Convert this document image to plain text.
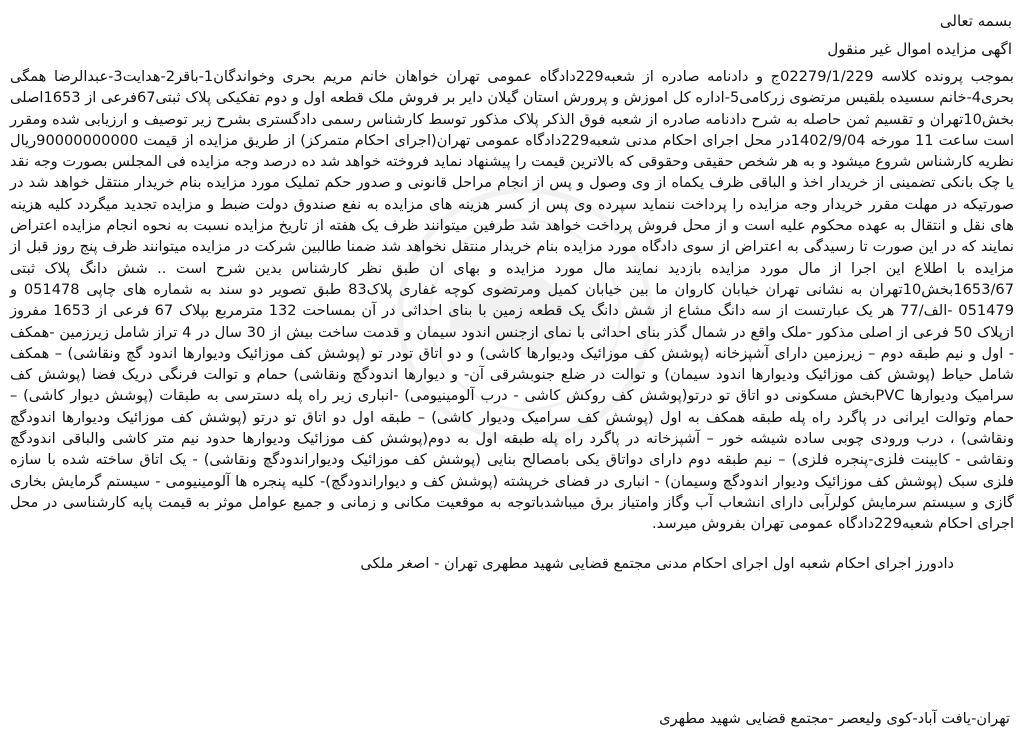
بسمه تعالی
اگهی مزایده اموال غیر منقول

بموجب پرونده کلاسه 02279/1/229ج و دادنامه صادره از شعبه229دادگاه عمومی تهران خواهان خانم مریم بحری وخواندگان1-باقر2-هدایت3-عبدالرضا همگی بحری4-خانم سسیده بلقیس مرتضوی زرکامی5-اداره کل اموزش و پرورش استان گیلان دایر بر فروش ملک قطعه اول و دوم تفکیکی پلاک ثبتی67فرعی از 1653اصلی بخش10تهران و تقسیم ثمن حاصله به شرح دادنامه صادره از شعبه فوق الذکر پلاک مذکور توسط کارشناس رسمی دادگستری بشرح زیر توصیف و ارزیابی شده ومقرر است ساعت 11 مورخه 1402/9/04در محل اجرای احکام مدنی شعبه229دادگاه عمومی تهران(اجرای احکام متمرکز) از طریق مزایده از قیمت 90000000000ریال نظریه کارشناس شروع میشود و به هر شخص حقیقی وحقوقی که بالاترین قیمت را پیشنهاد نماید فروخته خواهد شد ده درصد وجه مزایده فی المجلس بصورت وجه نقد یا چک بانکی تضمینی از خریدار اخذ و الباقی ظرف یکماه از وی وصول و پس از انجام مراحل قانونی و صدور حکم تملیک مورد مزایده بنام خریدار منتقل خواهد شد در صورتیکه در مهلت مقرر خریدار وجه مزایده را پرداخت ننماید سپرده وی پس از کسر هزینه های مزایده به نفع صندوق دولت ضبط و مزایده تجدید میگردد کلیه هزینه های نقل و انتقال به عهده محکوم علیه است و از محل فروش پرداخت خواهد شد طرفین میتوانند ظرف یک هفته از تاریخ مزایده نسبت به نحوه انجام مزایده اعتراض نمایند که در این صورت تا رسیدگی به اعتراض از سوی دادگاه مورد مزایده بنام خریدار منتقل نخواهد شد ضمنا طالبین شرکت در مزایده میتوانند ظرف پنج روز قبل از مزایده با اطلاع این اجرا از مال مورد مزایده بازدید نمایند مال مورد مزایده و بهای ان طبق نظر کارشناس بدین شرح است .. شش دانگ پلاک ثبتی 1653/67بخش10تهران به نشانی تهران خیابان کاروان ما بین خیابان کمیل ومرتضوی کوچه غفاری پلاک83 طبق تصویر دو سند به شماره های چاپی 051478 و 051479 -الف/77 هر یک عبارتست از سه دانگ مشاع از شش دانگ یک قطعه زمین با بنای احداثی در آن بمساحت 132 مترمربع بپلاک 67 فرعی از 1653 مفروز ازپلاک 50 فرعی از اصلی مذکور -ملک واقع در شمال گذر بنای احداثی با نمای ازجنس اندود سیمان و قدمت ساخت بیش از 30 سال در 4 تراز شامل زیرزمین -همکف - اول و نیم طبقه دوم – زیرزمین دارای آشپزخانه (پوشش کف موزائیک ودیوارها کاشی) و دو اتاق تودر تو (پوشش کف موزائیک ودیوارها اندود گچ ونقاشی) – همکف شامل حیاط (پوشش کف موزائیک ودیوارها اندود سیمان) و توالت در ضلع جنوبشرقی آن- و دیوارها اندودگچ ونقاشی) حمام و توالت فرنگی دریک فضا (پوشش کف سرامیک ودیوارها PVCبخش مسکونی دو اتاق تو درتو(پوشش کف روکش کاشی - درب آلومینیومی) -انباری زیر راه پله دسترسی به طبقات (پوشش دیوار کاشی) – حمام وتوالت ایرانی در پاگرد راه پله طبقه همکف به اول (پوشش کف سرامیک ودیوار کاشی) – طبقه اول دو اتاق تو درتو (پوشش کف موزائیک ودیوارها اندودگچ ونقاشی) ، درب ورودی چوبی ساده شیشه خور – آشپزخانه در پاگرد راه پله طبقه اول به دوم(پوشش کف موزائیک ودیوارها حدود نیم متر کاشی والباقی اندودگچ ونقاشی - کابینت فلزی-پنجره فلزی) – نیم طبقه دوم دارای دواتاق یکی بامصالح بنایی (پوشش کف موزائیک ودیواراندودگچ ونقاشی) - یک اتاق ساخته شده با سازه فلزی سبک (پوشش کف موزائیک ودیوار اندودگچ وسیمان) - انباری در فضای خرپشته (پوشش کف و دیواراندودگچ)- کلیه پنجره ها آلومینیومی - سیستم گرمایش بخاری گازی و سیستم سرمایش کولرآبی دارای انشعاب آب وگاز وامتیاز برق میباشدباتوجه به موقعیت مکانی و زمانی و جمیع عوامل موثر به قیمت پایه کارشناسی در محل اجرای احکام شعبه229دادگاه عمومی تهران بفروش میرسد.

دادورز اجرای احکام شعبه اول اجرای احکام مدنی مجتمع قضایی شهید مطهری تهران - اصغر ملکی
تهران-یافت آباد-کوی ولیعصر -مجتمع قضایی شهید مطهری
